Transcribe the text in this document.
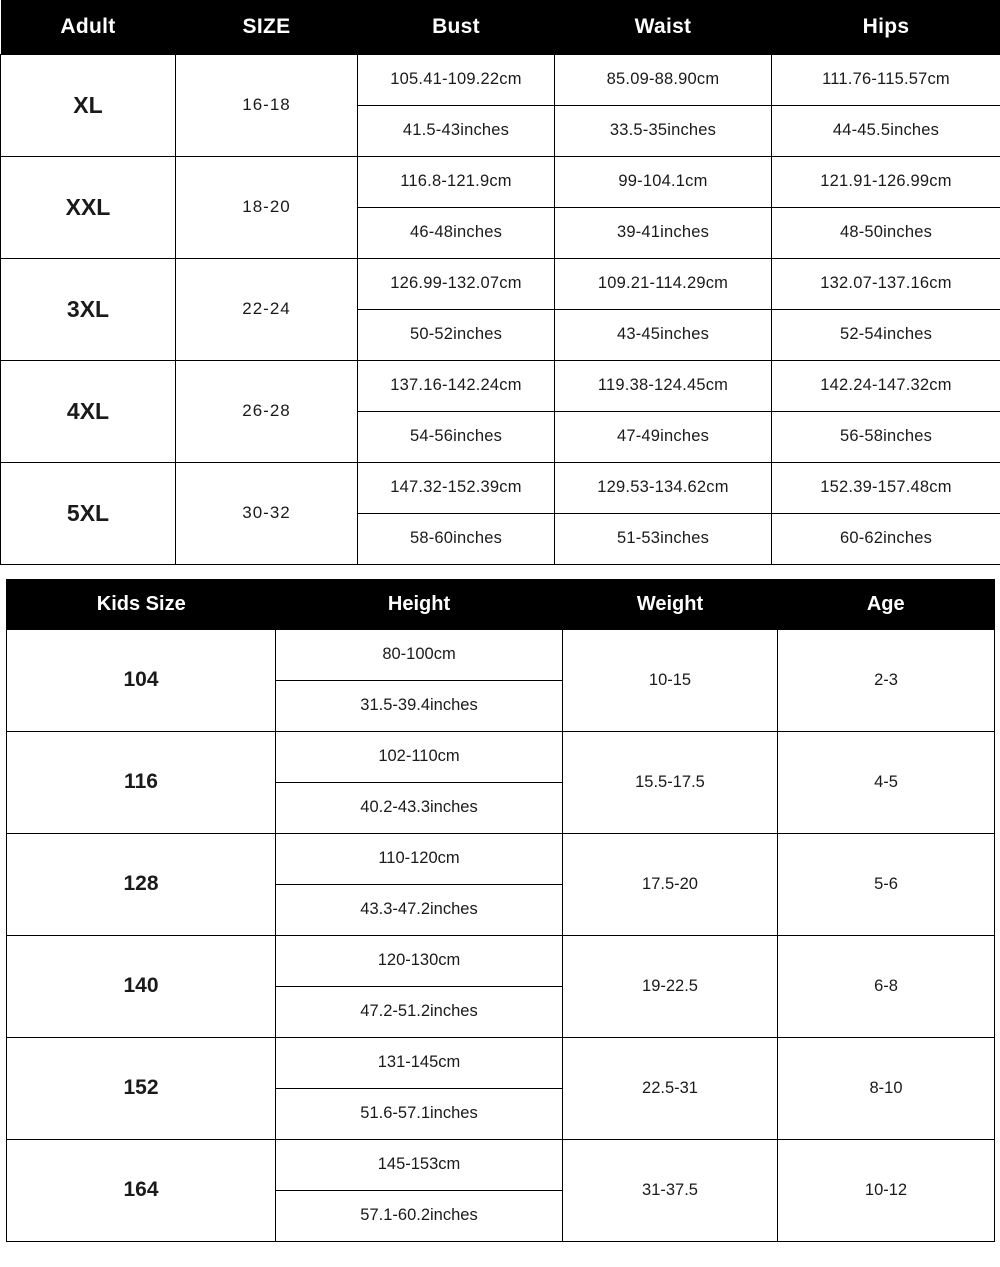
Adult	SIZE	Bust	Waist	Hips
XL	16-18	105.41-109.22cm	85.09-88.90cm	111.76-115.57cm
		41.5-43inches	33.5-35inches	44-45.5inches
XXL	18-20	116.8-121.9cm	99-104.1cm	121.91-126.99cm
		46-48inches	39-41inches	48-50inches
3XL	22-24	126.99-132.07cm	109.21-114.29cm	132.07-137.16cm
		50-52inches	43-45inches	52-54inches
4XL	26-28	137.16-142.24cm	119.38-124.45cm	142.24-147.32cm
		54-56inches	47-49inches	56-58inches
5XL	30-32	147.32-152.39cm	129.53-134.62cm	152.39-157.48cm
		58-60inches	51-53inches	60-62inches
Kids Size	Height	Weight	Age
104	80-100cm	10-15	2-3
	31.5-39.4inches		
116	102-110cm	15.5-17.5	4-5
	40.2-43.3inches		
128	110-120cm	17.5-20	5-6
	43.3-47.2inches		
140	120-130cm	19-22.5	6-8
	47.2-51.2inches		
152	131-145cm	22.5-31	8-10
	51.6-57.1inches		
164	145-153cm	31-37.5	10-12
	57.1-60.2inches		
